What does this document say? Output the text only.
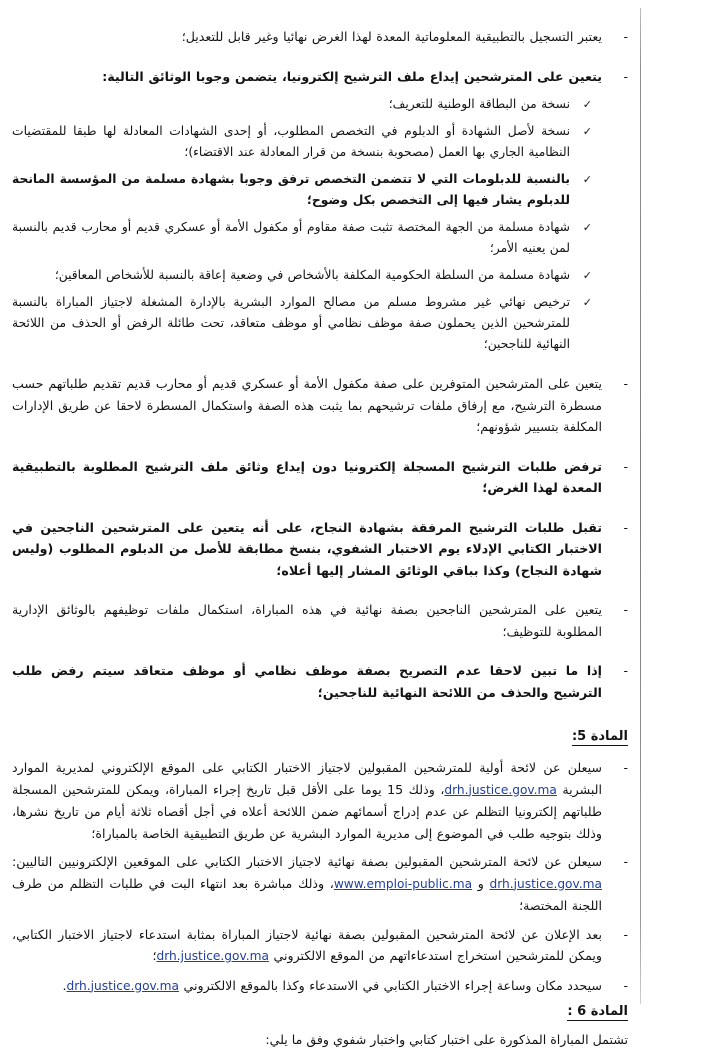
-
يعتبر التسجيل بالتطبيقية المعلوماتية المعدة لهذا الغرض نهائيا وغير قابل للتعديل؛
-
يتعين على المترشحين إيداع ملف الترشيح إلكترونيا، يتضمن وجوبا الوثائق التالية:
✓
نسخة من البطاقة الوطنية للتعريف؛
✓
نسخة لأصل الشهادة أو الدبلوم في التخصص المطلوب، أو إحدى الشهادات المعادلة لها طبقا للمقتضيات النظامية الجاري بها العمل (مصحوبة بنسخة من قرار المعادلة عند الاقتضاء)؛
✓
بالنسبة للدبلومات التي لا تتضمن التخصص ترفق وجوبا بشهادة مسلمة من المؤسسة المانحة للدبلوم يشار فيها إلى التخصص بكل وضوح؛
✓
شهادة مسلمة من الجهة المختصة تثبت صفة مقاوم أو مكفول الأمة أو عسكري قديم أو محارب قديم بالنسبة لمن يعنيه الأمر؛
✓
شهادة مسلمة من السلطة الحكومية المكلفة بالأشخاص في وضعية إعاقة بالنسبة للأشخاص المعاقين؛
✓
ترخيص نهائي غير مشروط مسلم من مصالح الموارد البشرية بالإدارة المشغلة لاجتياز المباراة بالنسبة للمترشحين الذين يحملون صفة موظف نظامي أو موظف متعاقد، تحت طائلة الرفض أو الحذف من اللائحة النهائية للناجحين؛
-
يتعين على المترشحين المتوفرين على صفة مكفول الأمة أو عسكري قديم أو محارب قديم تقديم طلباتهم حسب مسطرة الترشيح، مع إرفاق ملفات ترشيحهم بما يثبت هذه الصفة واستكمال المسطرة لاحقا عن طريق الإدارات المكلفة بتسيير شؤونهم؛
-
ترفض طلبات الترشيح المسجلة إلكترونيا دون إيداع وثائق ملف الترشيح المطلوبة بالتطبيقية المعدة لهذا الغرض؛
-
تقبل طلبات الترشيح المرفقة بشهادة النجاح، على أنه يتعين على المترشحين الناجحين في الاختبار الكتابي الإدلاء يوم الاختبار الشفوي، بنسخ مطابقة للأصل من الدبلوم المطلوب (وليس شهادة النجاح) وكذا بباقي الوثائق المشار إليها أعلاه؛
-
يتعين على المترشحين الناجحين بصفة نهائية في هذه المباراة، استكمال ملفات توظيفهم بالوثائق الإدارية المطلوبة للتوظيف؛
-
إذا ما تبين لاحقا عدم التصريح بصفة موظف نظامي أو موظف متعاقد سيتم رفض طلب الترشيح والحذف من اللائحة النهائية للناجحين؛
المادة 5:
-
سيعلن عن لائحة أولية للمترشحين المقبولين لاجتياز الاختبار الكتابي على الموقع الإلكتروني لمديرية الموارد البشرية drh.justice.gov.ma، وذلك 15 يوما على الأقل قبل تاريخ إجراء المباراة، ويمكن للمترشحين المسجلة طلباتهم إلكترونيا التظلم عن عدم إدراج أسمائهم ضمن اللائحة أعلاه في أجل أقصاه ثلاثة أيام من تاريخ نشرها، وذلك بتوجيه طلب في الموضوع إلى مديرية الموارد البشرية عن طريق التطبيقية الخاصة بالمباراة؛
-
سيعلن عن لائحة المترشحين المقبولين بصفة نهائية لاجتياز الاختبار الكتابي على الموقعين الإلكترونيين التاليين: drh.justice.gov.ma و www.emploi-public.ma، وذلك مباشرة بعد انتهاء البت في طلبات التظلم من طرف اللجنة المختصة؛
-
بعد الإعلان عن لائحة المترشحين المقبولين بصفة نهائية لاجتياز المباراة بمثابة استدعاء لاجتياز الاختبار الكتابي، ويمكن للمترشحين استخراج استدعاءاتهم من الموقع الالكتروني drh.justice.gov.ma؛
-
سيحدد مكان وساعة إجراء الاختبار الكتابي في الاستدعاء وكذا بالموقع الالكتروني drh.justice.gov.ma.
المادة 6 :
تشتمل المباراة المذكورة على اختبار كتابي واختبار شفوي وفق ما يلي:
